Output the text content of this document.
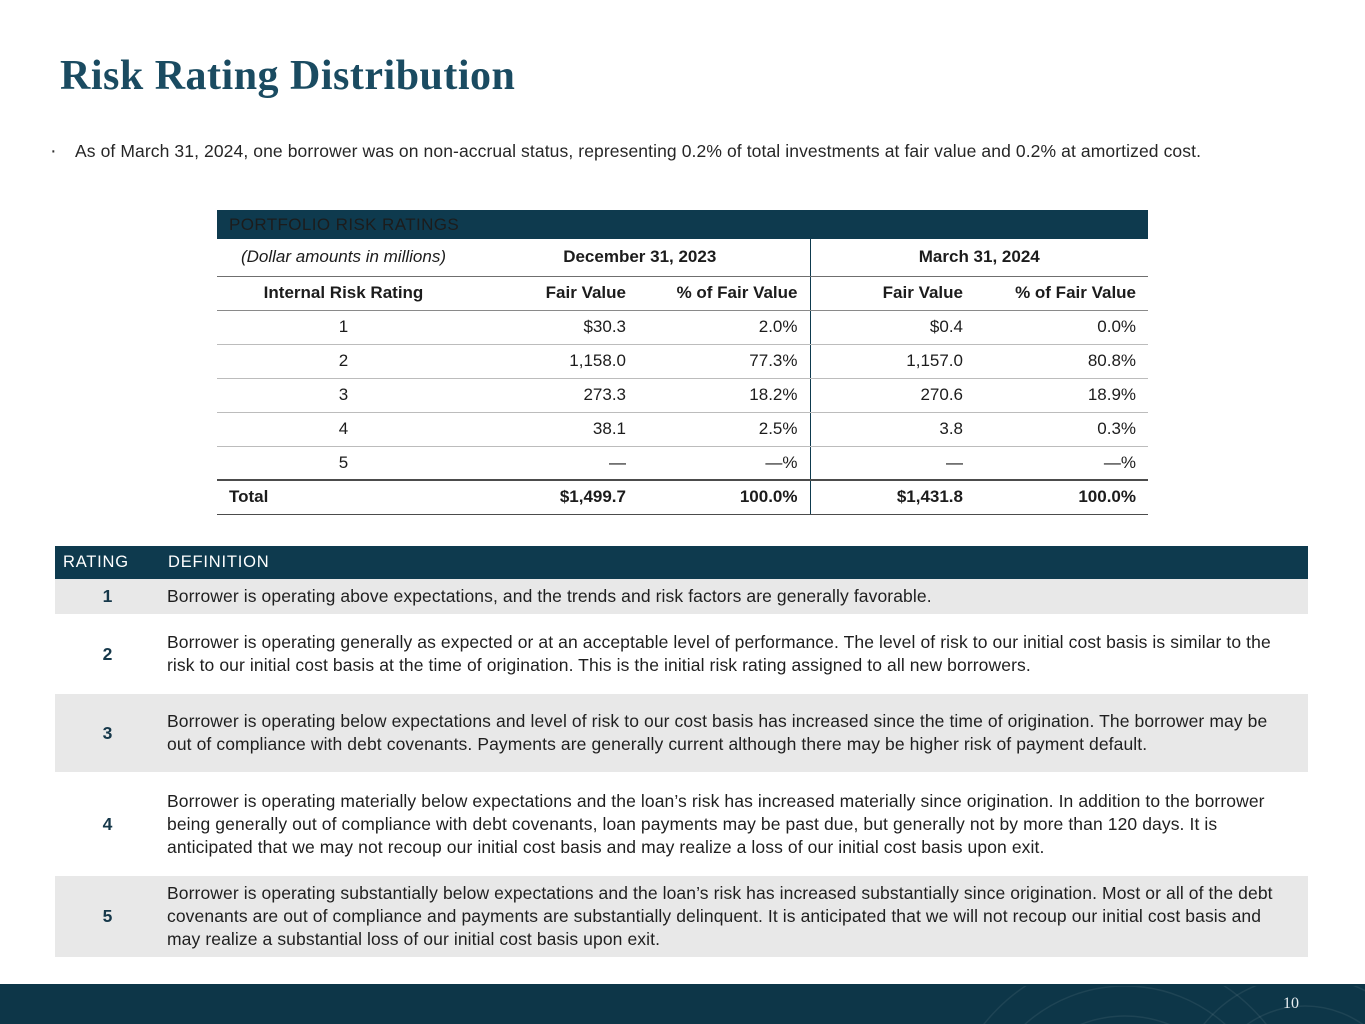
Risk Rating Distribution
·	As of March 31, 2024, one borrower was on non-accrual status, representing 0.2% of total investments at fair value and 0.2% at amortized cost.

PORTFOLIO RISK RATINGS				
(Dollar amounts in millions)	December 31, 2023		March 31, 2024	
Internal Risk Rating	Fair Value	% of Fair Value	Fair Value	% of Fair Value
1	$30.3	2.0%	$0.4	0.0%
2	1,158.0	77.3%	1,157.0	80.8%
3	273.3	18.2%	270.6	18.9%
4	38.1	2.5%	3.8	0.3%
5	—	—%	—	—%
Total	$1,499.7	100.0%	$1,431.8	100.0%
RATING	DEFINITION
1	Borrower is operating above expectations, and the trends and risk factors are generally favorable.
2	Borrower is operating generally as expected or at an acceptable level of performance. The level of risk to our initial cost basis is similar to the risk to our initial cost basis at the time of origination. This is the initial risk rating assigned to all new borrowers.
3	Borrower is operating below expectations and level of risk to our cost basis has increased since the time of origination. The borrower may be out of compliance with debt covenants. Payments are generally current although there may be higher risk of payment default.
4	Borrower is operating materially below expectations and the loan’s risk has increased materially since origination. In addition to the borrower being generally out of compliance with debt covenants, loan payments may be past due, but generally not by more than 120 days. It is anticipated that we may not recoup our initial cost basis and may realize a loss of our initial cost basis upon exit.
5	Borrower is operating substantially below expectations and the loan’s risk has increased substantially since origination. Most or all of the debt covenants are out of compliance and payments are substantially delinquent. It is anticipated that we will not recoup our initial cost basis and may realize a substantial loss of our initial cost basis upon exit.
10
